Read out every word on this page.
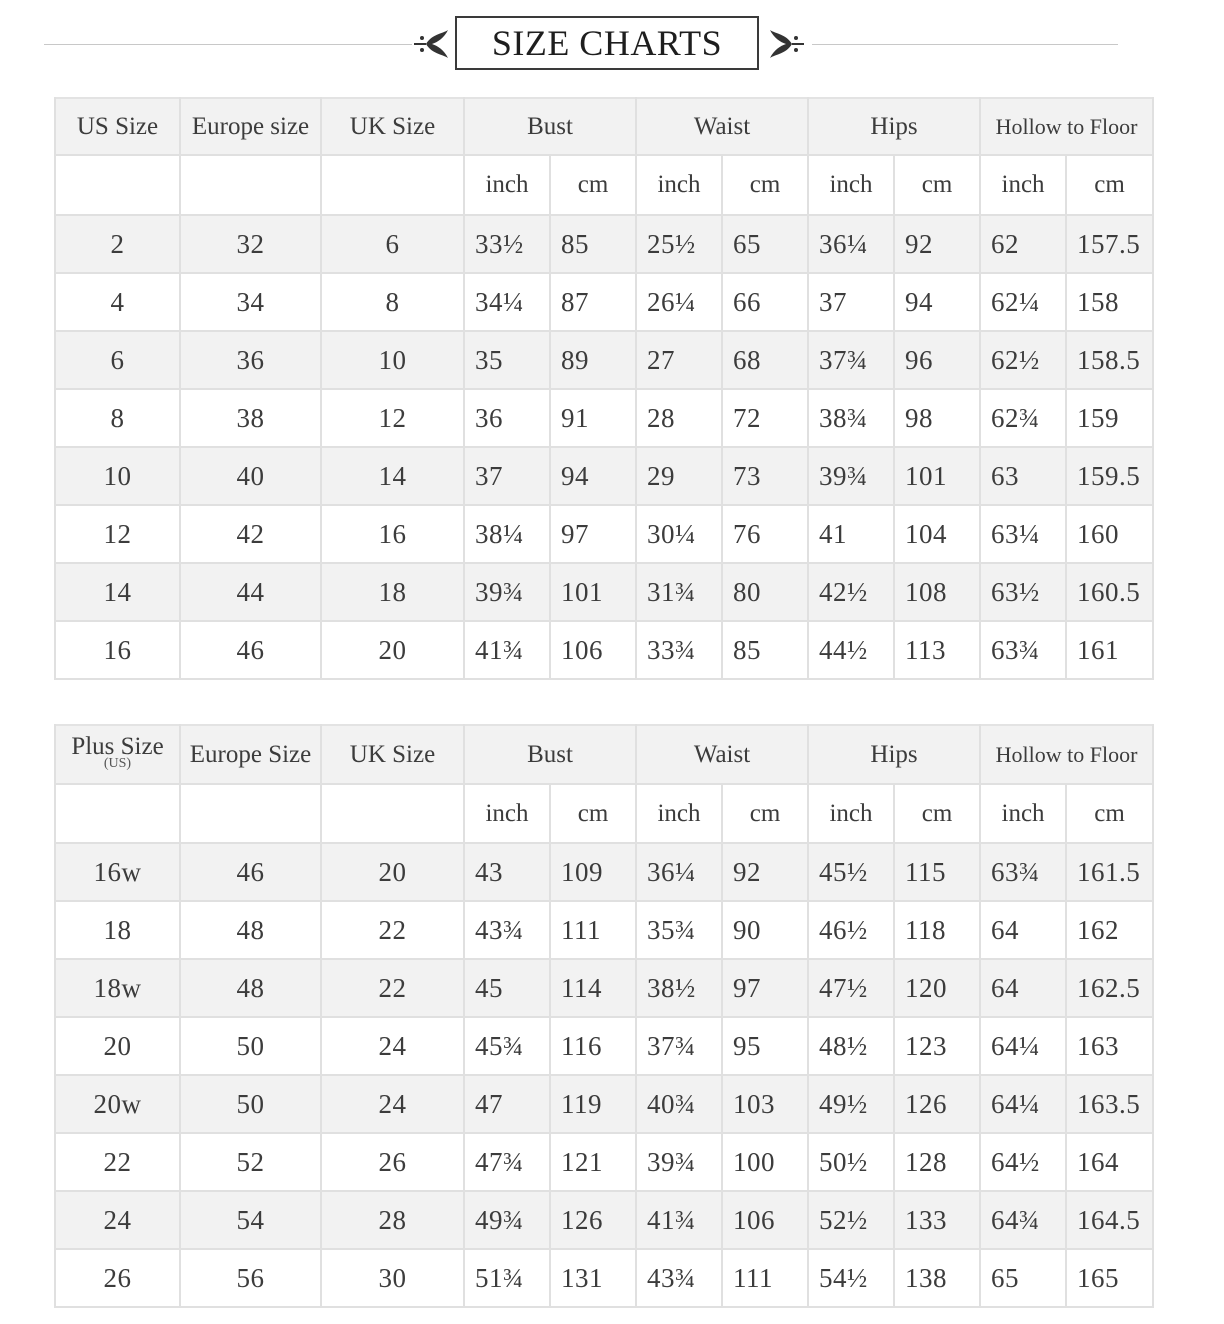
SIZE CHARTS
US Size	Europe size	UK Size	Bust		Waist		Hips		Hollow to Floor	
			inch	cm	inch	cm	inch	cm	inch	cm
2	32	6	33½	85	25½	65	36¼	92	62	157.5
4	34	8	34¼	87	26¼	66	37	94	62¼	158
6	36	10	35	89	27	68	37¾	96	62½	158.5
8	38	12	36	91	28	72	38¾	98	62¾	159
10	40	14	37	94	29	73	39¾	101	63	159.5
12	42	16	38¼	97	30¼	76	41	104	63¼	160
14	44	18	39¾	101	31¾	80	42½	108	63½	160.5
16	46	20	41¾	106	33¾	85	44½	113	63¾	161
Plus Size
(US)	Europe Size	UK Size	Bust		Waist		Hips		Hollow to Floor	
			inch	cm	inch	cm	inch	cm	inch	cm
16w	46	20	43	109	36¼	92	45½	115	63¾	161.5
18	48	22	43¾	111	35¾	90	46½	118	64	162
18w	48	22	45	114	38½	97	47½	120	64	162.5
20	50	24	45¾	116	37¾	95	48½	123	64¼	163
20w	50	24	47	119	40¾	103	49½	126	64¼	163.5
22	52	26	47¾	121	39¾	100	50½	128	64½	164
24	54	28	49¾	126	41¾	106	52½	133	64¾	164.5
26	56	30	51¾	131	43¾	111	54½	138	65	165
